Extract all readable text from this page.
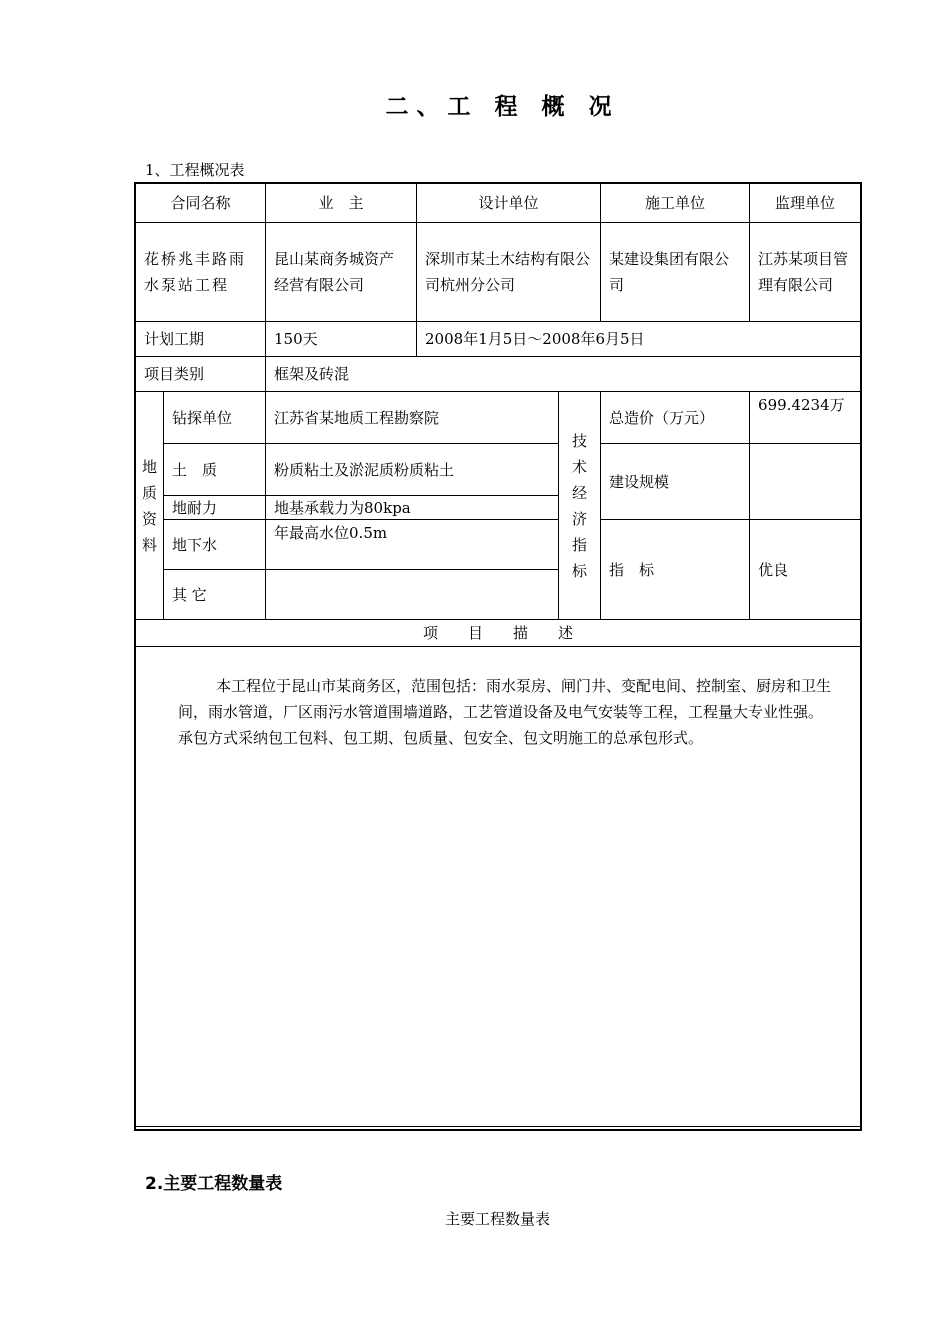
二、工 程 概 况
1、工程概况表
合同名称		业　主	设计单位		施工单位	监理单位
花桥兆丰路雨水泵站工程		昆山某商务城资产经营有限公司	深圳市某土木结构有限公司杭州分公司		某建设集团有限公司	江苏某项目管理有限公司
计划工期		150天	2008年1月5日～2008年6月5日			
项目类别		框架及砖混				

地质资料	钻探单位	江苏省某地质工程勘察院		技术经济指标	总造价（万元）	699.4234万
	土　质	粉质粘土及淤泥质粉质粘土			建设规模	
	地耐力	地基承载力为80kpa				
	地下水	年最高水位0.5m			指　标	优良
	其 它					
项　　目　　描　　述						
本工程位于昆山市某商务区，范围包括：雨水泵房、闸门井、变配电间、控制室、厨房和卫生间，雨水管道，厂区雨污水管道围墙道路，工艺管道设备及电气安装等工程，工程量大专业性强。承包方式采纳包工包料、包工期、包质量、包安全、包文明施工的总承包形式。						
2.主要工程数量表
主要工程数量表
